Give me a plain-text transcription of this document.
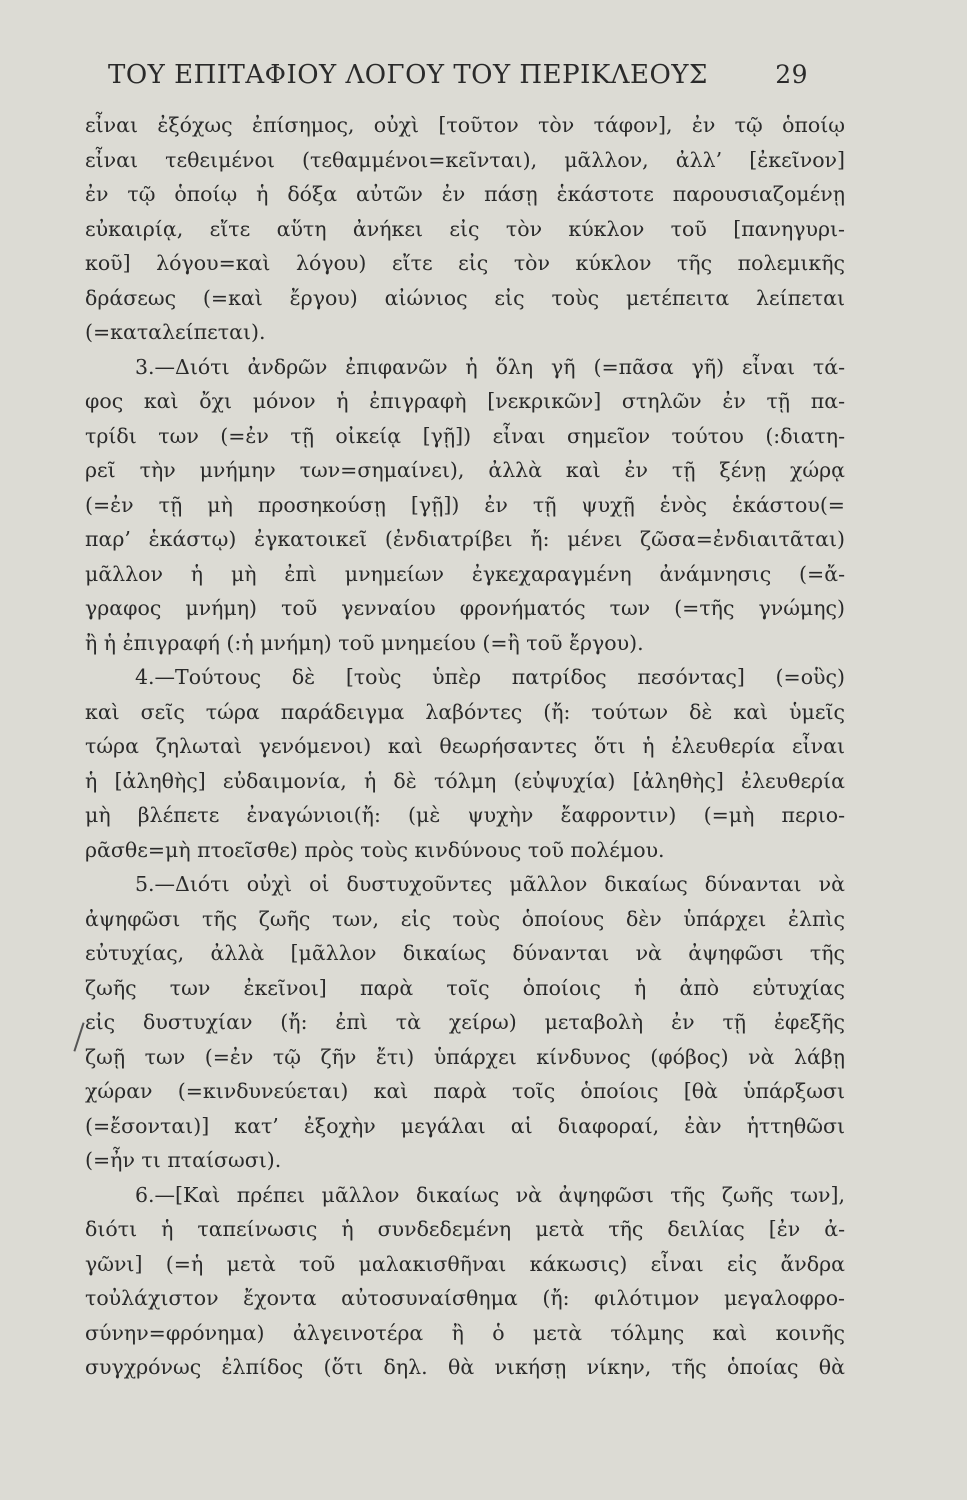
ΤΟΥ ΕΠΙΤΑΦΙΟΥ ΛΟΓΟΥ ΤΟΥ ΠΕΡΙΚΛΕΟΥΣ	29
εἶναι ἐξόχως ἐπίσημος, οὐχὶ [τοῦτον τὸν τάφον], ἐν τῷ ὁποίῳ
εἶναι τεθειμένοι (τεθαμμένοι=κεῖνται), μᾶλλον, ἀλλ’ [ἐκεῖνον]
ἐν τῷ ὁποίῳ ἡ δόξα αὐτῶν ἐν πάσῃ ἑκάστοτε παρουσιαζομένῃ
εὐκαιρίᾳ, εἴτε αὕτη ἀνήκει εἰς τὸν κύκλον τοῦ [πανηγυρι-
κοῦ] λόγου=καὶ λόγου) εἴτε εἰς τὸν κύκλον τῆς πολεμικῆς
δράσεως (=καὶ ἔργου) αἰώνιος εἰς τοὺς μετέπειτα λείπεται
(=καταλείπεται).
3.—Διότι ἀνδρῶν ἐπιφανῶν ἡ ὅλη γῆ (=πᾶσα γῆ) εἶναι τά-
φος καὶ ὄχι μόνον ἡ ἐπιγραφὴ [νεκρικῶν] στηλῶν ἐν τῇ πα-
τρίδι των (=ἐν τῇ οἰκείᾳ [γῇ]) εἶναι σημεῖον τούτου (:διατη-
ρεῖ τὴν μνήμην των=σημαίνει), ἀλλὰ καὶ ἐν τῇ ξένῃ χώρᾳ
(=ἐν τῇ μὴ προσηκούσῃ [γῇ]) ἐν τῇ ψυχῇ ἑνὸς ἑκάστου(=
παρ’ ἑκάστῳ) ἐγκατοικεῖ (ἐνδιατρίβει ἤ: μένει ζῶσα=ἐνδιαιτᾶται)
μᾶλλον ἡ μὴ ἐπὶ μνημείων ἐγκεχαραγμένη ἀνάμνησις (=ἄ-
γραφος μνήμη) τοῦ γενναίου φρονήματός των (=τῆς γνώμης)
ἢ ἡ ἐπιγραφή (:ἡ μνήμη) τοῦ μνημείου (=ἢ τοῦ ἔργου).
4.—Τούτους δὲ [τοὺς ὑπὲρ πατρίδος πεσόντας] (=οὓς)
καὶ σεῖς τώρα παράδειγμα λαβόντες (ἤ: τούτων δὲ καὶ ὑμεῖς
τώρα ζηλωταὶ γενόμενοι) καὶ θεωρήσαντες ὅτι ἡ ἐλευθερία εἶναι
ἡ [ἀληθὴς] εὐδαιμονία, ἡ δὲ τόλμη (εὐψυχία) [ἀληθὴς] ἐλευθερία
μὴ βλέπετε ἐναγώνιοι(ἤ: (μὲ ψυχὴν ἔαφροντιν) (=μὴ περιο-
ρᾶσθε=μὴ πτοεῖσθε) πρὸς τοὺς κινδύνους τοῦ πολέμου.
5.—Διότι οὐχὶ οἱ δυστυχοῦντες μᾶλλον δικαίως δύνανται νὰ
ἀψηφῶσι τῆς ζωῆς των, εἰς τοὺς ὁποίους δὲν ὑπάρχει ἐλπὶς
εὐτυχίας, ἀλλὰ [μᾶλλον δικαίως δύνανται νὰ ἀψηφῶσι τῆς
ζωῆς των ἐκεῖνοι] παρὰ τοῖς ὁποίοις ἡ ἀπὸ εὐτυχίας
εἰς δυστυχίαν (ἤ: ἐπὶ τὰ χείρω) μεταβολὴ ἐν τῇ ἐφεξῆς
ζωῇ των (=ἐν τῷ ζῆν ἔτι) ὑπάρχει κίνδυνος (φόβος) νὰ λάβῃ
χώραν (=κινδυνεύεται) καὶ παρὰ τοῖς ὁποίοις [θὰ ὑπάρξωσι
(=ἔσονται)] κατ’ ἐξοχὴν μεγάλαι αἱ διαφοραί, ἐὰν ἡττηθῶσι
(=ἦν τι πταίσωσι).
6.—[Καὶ πρέπει μᾶλλον δικαίως νὰ ἀψηφῶσι τῆς ζωῆς των],
διότι ἡ ταπείνωσις ἡ συνδεδεμένη μετὰ τῆς δειλίας [ἐν ἀ-
γῶνι] (=ἡ μετὰ τοῦ μαλακισθῆναι κάκωσις) εἶναι εἰς ἄνδρα
τοὐλάχιστον ἔχοντα αὐτοσυναίσθημα (ἤ: φιλότιμον μεγαλοφρο-
σύνην=φρόνημα) ἀλγεινοτέρα ἢ ὁ μετὰ τόλμης καὶ κοινῆς
συγχρόνως ἐλπίδος (ὅτι δηλ. θὰ νικήσῃ νίκην, τῆς ὁποίας θὰ
